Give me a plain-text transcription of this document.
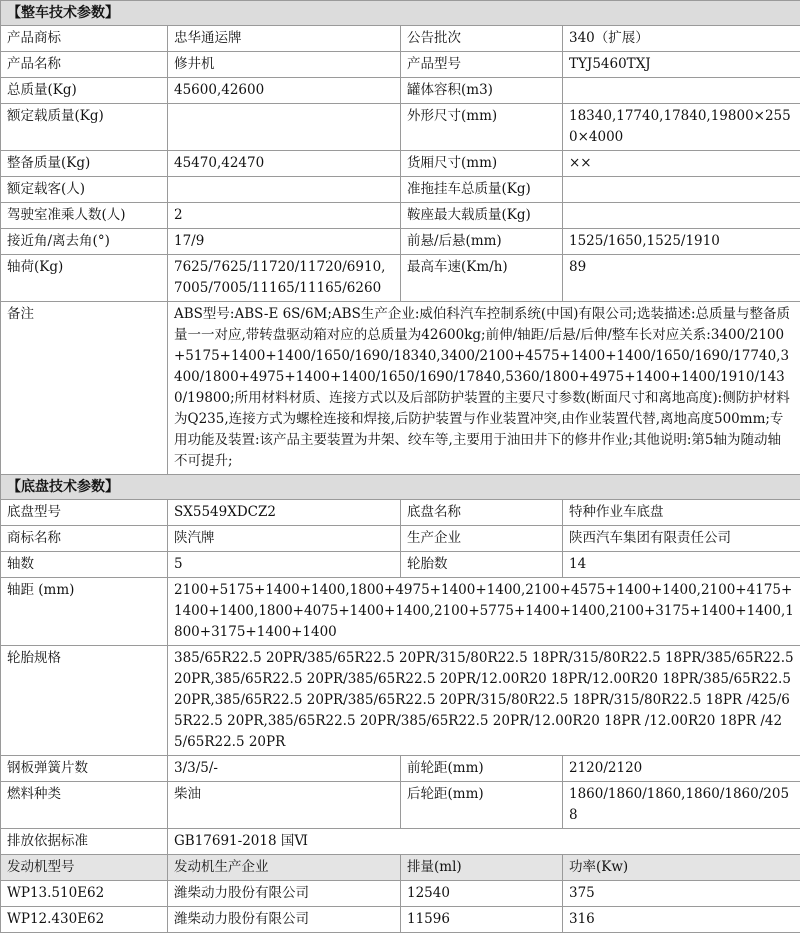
【整车技术参数】			
产品商标	忠华通运牌	公告批次	340（扩展）
产品名称	修井机	产品型号	TYJ5460TXJ
总质量(Kg)	45600,42600	罐体容积(m3)	
额定载质量(Kg)		外形尺寸(mm)	18340,17740,17840,19800×2550×4000
整备质量(Kg)	45470,42470	货厢尺寸(mm)	××
额定载客(人)		准拖挂车总质量(Kg)	
驾驶室准乘人数(人)	2	鞍座最大载质量(Kg)	
接近角/离去角(°)	17/9	前悬/后悬(mm)	1525/1650,1525/1910
轴荷(Kg)	7625/7625/11720/11720/6910,7005/7005/11165/11165/6260	最高车速(Km/h)	89
备注	ABS型号:ABS-E 6S/6M;ABS生产企业:威伯科汽车控制系统(中国)有限公司;选装描述:总质量与整备质量一一对应,带转盘驱动箱对应的总质量为42600kg;前伸/轴距/后悬/后伸/整车长对应关系:3400/2100+5175+1400+1400/1650/1690/18340,3400/2100+4575+1400+1400/1650/1690/17740,3400/1800+4975+1400+1400/1650/1690/17840,5360/1800+4975+1400+1400/1910/1430/19800;所用材料材质、连接方式以及后部防护装置的主要尺寸参数(断面尺寸和离地高度):侧防护材料为Q235,连接方式为螺栓连接和焊接,后防护装置与作业装置冲突,由作业装置代替,离地高度500mm;专用功能及装置:该产品主要装置为井架、绞车等,主要用于油田井下的修井作业;其他说明:第5轴为随动轴不可提升;		
【底盘技术参数】			
底盘型号	SX5549XDCZ2	底盘名称	特种作业车底盘
商标名称	陕汽牌	生产企业	陕西汽车集团有限责任公司
轴数	5	轮胎数	14
轴距 (mm)	2100+5175+1400+1400,1800+4975+1400+1400,2100+4575+1400+1400,2100+4175+1400+1400,1800+4075+1400+1400,2100+5775+1400+1400,2100+3175+1400+1400,1800+3175+1400+1400		
轮胎规格	385/65R22.5 20PR/385/65R22.5 20PR/315/80R22.5 18PR/315/80R22.5 18PR/385/65R22.5 20PR,385/65R22.5 20PR/385/65R22.5 20PR/12.00R20 18PR/12.00R20 18PR/385/65R22.5 20PR,385/65R22.5 20PR/385/65R22.5 20PR/315/80R22.5 18PR/315/80R22.5 18PR /425/65R22.5 20PR,385/65R22.5 20PR/385/65R22.5 20PR/12.00R20 18PR /12.00R20 18PR /425/65R22.5 20PR		
钢板弹簧片数	3/3/5/-	前轮距(mm)	2120/2120
燃料种类	柴油	后轮距(mm)	1860/1860/1860,1860/1860/2058
排放依据标准	GB17691-2018 国Ⅵ		
发动机型号	发动机生产企业	排量(ml)	功率(Kw)
WP13.510E62	潍柴动力股份有限公司	12540	375
WP12.430E62	潍柴动力股份有限公司	11596	316
